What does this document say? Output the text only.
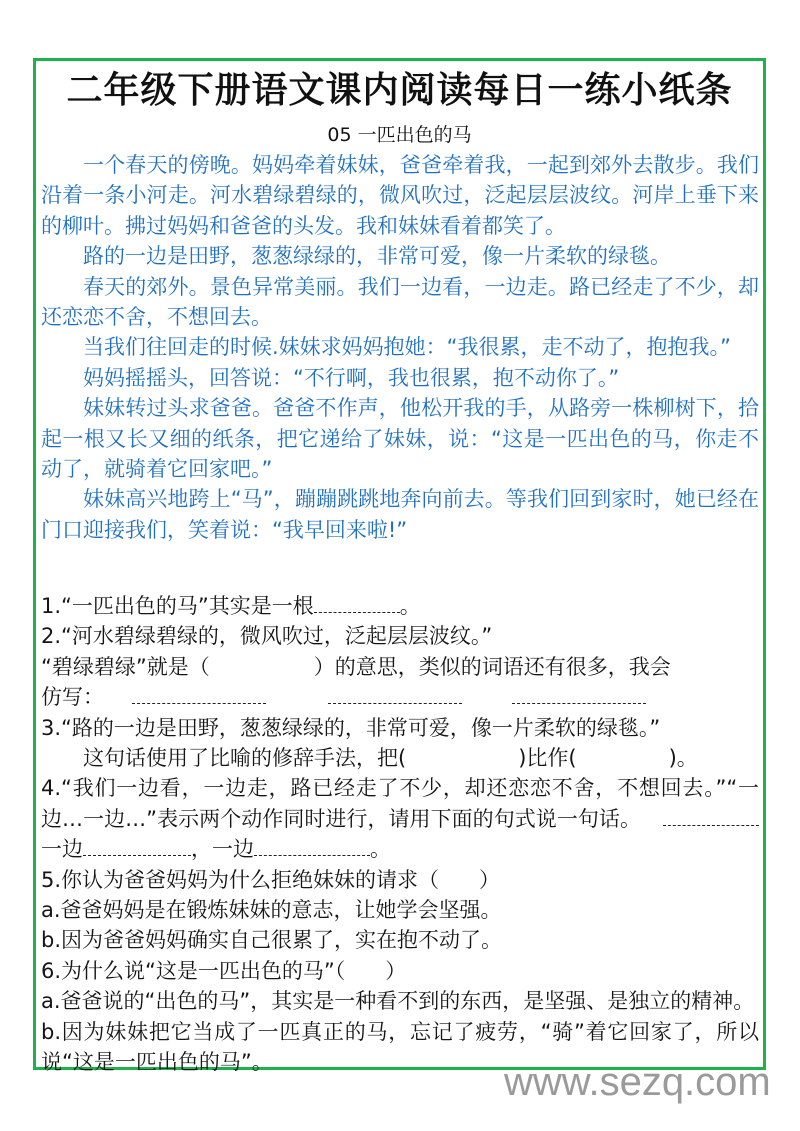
二年级下册语文课内阅读每日一练小纸条
05 一匹出色的马

一个春天的傍晚。妈妈牵着妹妹，爸爸牵着我，一起到郊外去散步。我们沿着一条小河走。河水碧绿碧绿的，微风吹过，泛起层层波纹。河岸上垂下来的柳叶。拂过妈妈和爸爸的头发。我和妹妹看着都笑了。

路的一边是田野，葱葱绿绿的，非常可爱，像一片柔软的绿毯。

春天的郊外。景色异常美丽。我们一边看，一边走。路已经走了不少，却还恋恋不舍，不想回去。

当我们往回走的时候.妹妹求妈妈抱她：“我很累，走不动了，抱抱我。”

妈妈摇摇头，回答说：“不行啊，我也很累，抱不动你了。”

妹妹转过头求爸爸。爸爸不作声，他松开我的手，从路旁一株柳树下，拾起一根又长又细的纸条，把它递给了妹妹，说：“这是一匹出色的马，你走不动了，就骑着它回家吧。”

妹妹高兴地跨上“马”，蹦蹦跳跳地奔向前去。等我们回到家时，她已经在门口迎接我们，笑着说：“我早回来啦!”

1.“一匹出色的马”其实是一根	。

2.“河水碧绿碧绿的，微风吹过，泛起层层波纹。”

“碧绿碧绿”就是（	）的意思，类似的词语还有很多，我会

仿写：

3.“路的一边是田野，葱葱绿绿的，非常可爱，像一片柔软的绿毯。”

这句话使用了比喻的修辞手法，把(	)比作(	)。

4.“我们一边看，一边走，路已经走了不少，却还恋恋不舍，不想回去。”“一边…一边…”表示两个动作同时进行，请用下面的句式说一句话。一边	，一边	。

5.你认为爸爸妈妈为什么拒绝妹妹的请求（ ）

a.爸爸妈妈是在锻炼妹妹的意志，让她学会坚强。

b.因为爸爸妈妈确实自己很累了，实在抱不动了。

6.为什么说“这是一匹出色的马”（ ）

a.爸爸说的“出色的马”，其实是一种看不到的东西，是坚强、是独立的精神。

b.因为妹妹把它当成了一匹真正的马，忘记了疲劳，“骑”着它回家了，所以说“这是一匹出色的马”。	www.sezq.com
